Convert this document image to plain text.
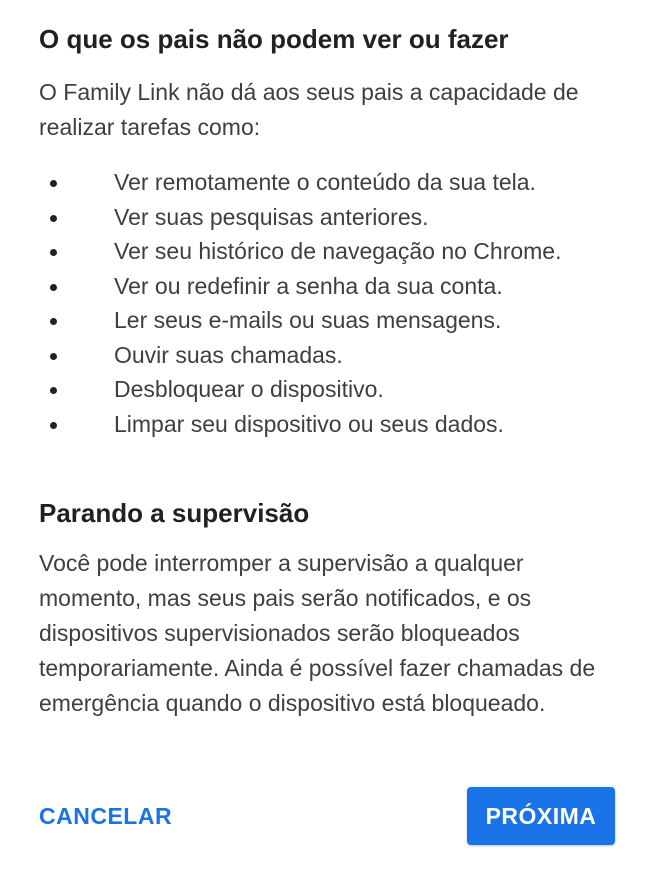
O que os pais não podem ver ou fazer

O Family Link não dá aos seus pais a capacidade de realizar tarefas como:

Ver remotamente o conteúdo da sua tela.
Ver suas pesquisas anteriores.
Ver seu histórico de navegação no Chrome.
Ver ou redefinir a senha da sua conta.
Ler seus e-mails ou suas mensagens.
Ouvir suas chamadas.
Desbloquear o dispositivo.
Limpar seu dispositivo ou seus dados.
Parando a supervisão

Você pode interromper a supervisão a qualquer momento, mas seus pais serão notificados, e os dispositivos supervisionados serão bloqueados temporariamente. Ainda é possível fazer chamadas de emergência quando o dispositivo está bloqueado.

CANCELAR	PRÓXIMA
